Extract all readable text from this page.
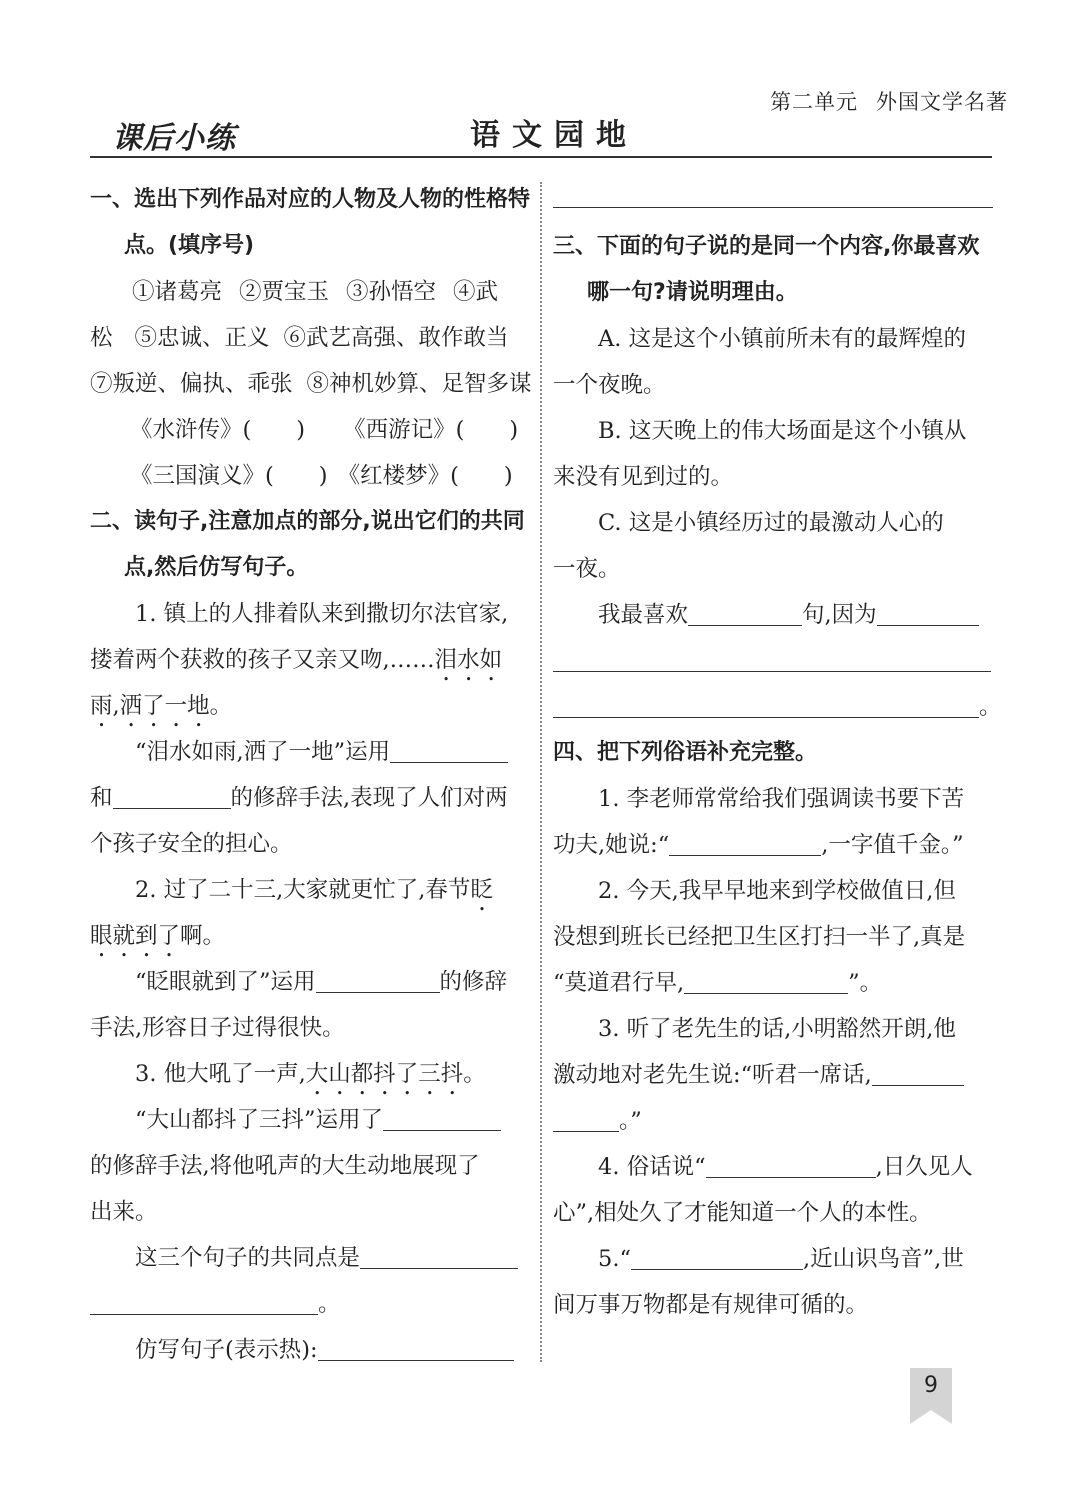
第二单元 外国文学名著
课后小练	语文园地
一、选出下列作品对应的人物及人物的性格特
点。(填序号)
①诸葛亮 ②贾宝玉 ③孙悟空 ④武
松 ⑤忠诚、正义 ⑥武艺高强、敢作敢当
⑦叛逆、偏执、乖张 ⑧神机妙算、足智多谋
《水浒传》(　　) 《西游记》(　　)
《三国演义》(　　) 《红楼梦》(　　)
二、读句子,注意加点的部分,说出它们的共同
点,然后仿写句子。
1. 镇上的人排着队来到撒切尔法官家,
搂着两个获救的孩子又亲又吻,……泪水如
雨,洒了一地。
“泪水如雨,洒了一地”运用
和	的修辞手法,表现了人们对两
个孩子安全的担心。
2. 过了二十三,大家就更忙了,春节眨
眼就到了啊。
“眨眼就到了”运用	的修辞
手法,形容日子过得很快。
3. 他大吼了一声,大山都抖了三抖。
“大山都抖了三抖”运用了
的修辞手法,将他吼声的大生动地展现了
出来。
这三个句子的共同点是
。
仿写句子(表示热):
三、下面的句子说的是同一个内容,你最喜欢
哪一句?请说明理由。
A. 这是这个小镇前所未有的最辉煌的
一个夜晚。
B. 这天晚上的伟大场面是这个小镇从
来没有见到过的。
C. 这是小镇经历过的最激动人心的
一夜。
我最喜欢	句,因为
。
四、把下列俗语补充完整。
1. 李老师常常给我们强调读书要下苦
功夫,她说:“	,一字值千金。”
2. 今天,我早早地来到学校做值日,但
没想到班长已经把卫生区打扫一半了,真是
“莫道君行早,	”。
3. 听了老先生的话,小明豁然开朗,他
激动地对老先生说:“听君一席话,
。”
4. 俗话说“	,日久见人
心”,相处久了才能知道一个人的本性。
5.“	,近山识鸟音”,世
间万事万物都是有规律可循的。
9
